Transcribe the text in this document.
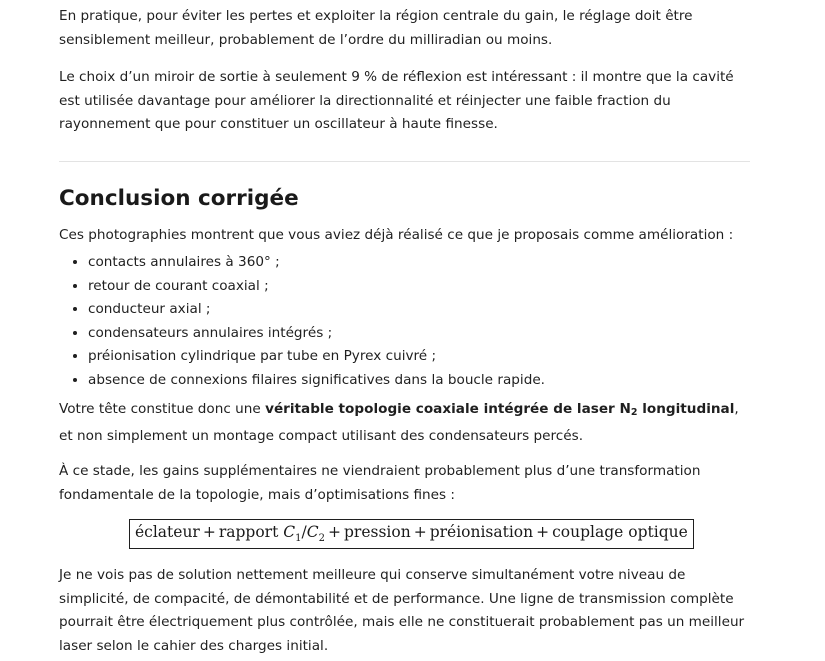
En pratique, pour éviter les pertes et exploiter la région centrale du gain, le réglage doit être sensiblement meilleur, probablement de l’ordre du milliradian ou moins.

Le choix d’un miroir de sortie à seulement 9 % de réflexion est intéressant : il montre que la cavité est utilisée davantage pour améliorer la directionnalité et réinjecter une faible fraction du rayonnement que pour constituer un oscillateur à haute finesse.

Conclusion corrigée

Ces photographies montrent que vous aviez déjà réalisé ce que je proposais comme amélioration :

• contacts annulaires à 360° ;
• retour de courant coaxial ;
• conducteur axial ;
• condensateurs annulaires intégrés ;
• préionisation cylindrique par tube en Pyrex cuivré ;
• absence de connexions filaires significatives dans la boucle rapide.

Votre tête constitue donc une véritable topologie coaxiale intégrée de laser $N_2$ longitudinal, et non simplement un montage compact utilisant des condensateurs percés.

À ce stade, les gains supplémentaires ne viendraient probablement plus d’une transformation fondamentale de la topologie, mais d’optimisations fines :

éclateur + rapport $C_1/C_2$ + pression + préionisation + couplage optique

Je ne vois pas de solution nettement meilleure qui conserve simultanément votre niveau de simplicité, de compacité, de démontabilité et de performance. Une ligne de transmission complète pourrait être électriquement plus contrôlée, mais elle ne constituerait probablement pas un meilleur laser selon le cahier des charges initial.
